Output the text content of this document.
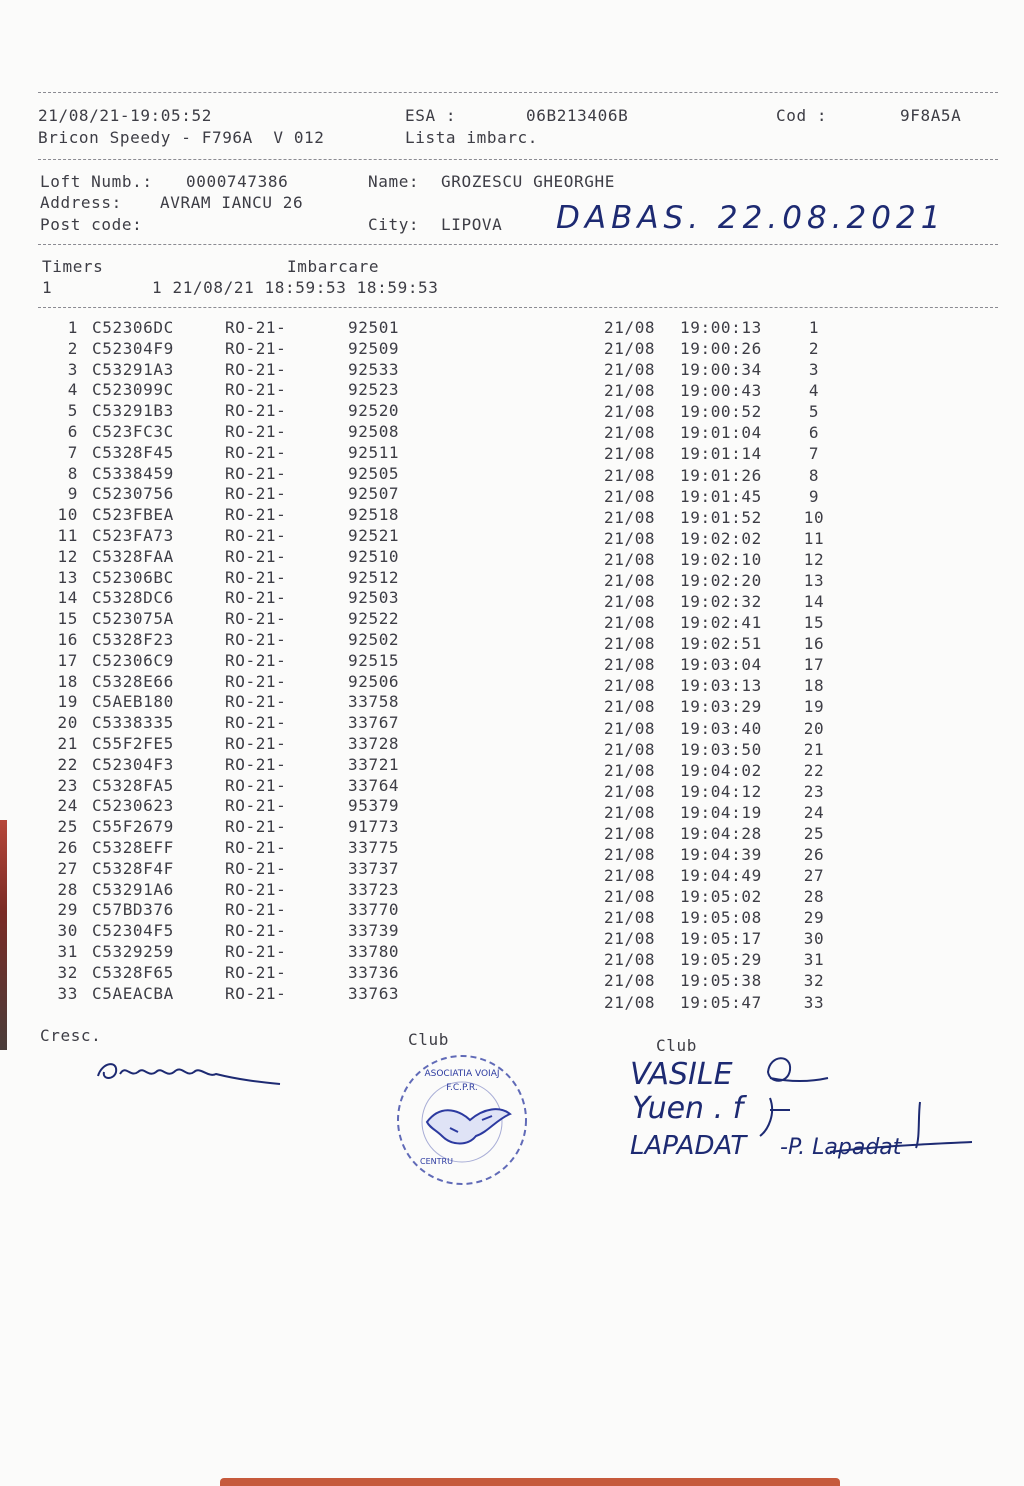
21/08/21-19:05:52	ESA :	06B213406B	Cod :	9F8A5A
Bricon Speedy - F796A  V 012	Lista imbarc.
Loft Numb.: 0000747386	Name: GROZESCU GHEORGHE
Address: AVRAM IANCU 26
Post code:	City: LIPOVA DABAS. 22.08.2021
Timers	Imbarcare
1	1 21/08/21 18:59:53 18:59:53
1 C52306DC	RO-21-	92501	21/08 19:00:13	1
2 C52304F9	RO-21-	92509	21/08 19:00:26	2
3 C53291A3	RO-21-	92533	21/08 19:00:34	3
4 C523099C	RO-21-	92523	21/08 19:00:43	4
5 C53291B3	RO-21-	92520	21/08 19:00:52	5
6 C523FC3C	RO-21-	92508	21/08 19:01:04	6
7 C5328F45	RO-21-	92511	21/08 19:01:14	7
8 C5338459	RO-21-	92505	21/08 19:01:26	8
9 C5230756	RO-21-	92507	21/08 19:01:45	9
10 C523FBEA	RO-21-	92518	21/08 19:01:52	10
11 C523FA73	RO-21-	92521	21/08 19:02:02	11
12 C5328FAA	RO-21-	92510	21/08 19:02:10	12
13 C52306BC	RO-21-	92512	21/08 19:02:20	13
14 C5328DC6	RO-21-	92503	21/08 19:02:32	14
15 C523075A	RO-21-	92522	21/08 19:02:41	15
16 C5328F23	RO-21-	92502	21/08 19:02:51	16
17 C52306C9	RO-21-	92515	21/08 19:03:04	17
18 C5328E66	RO-21-	92506	21/08 19:03:13	18
19 C5AEB180	RO-21-	33758	21/08 19:03:29	19
20 C5338335	RO-21-	33767	21/08 19:03:40	20
21 C55F2FE5	RO-21-	33728	21/08 19:03:50	21
22 C52304F3	RO-21-	33721	21/08 19:04:02	22
23 C5328FA5	RO-21-	33764	21/08 19:04:12	23
24 C5230623	RO-21-	95379	21/08 19:04:19	24
25 C55F2679	RO-21-	91773	21/08 19:04:28	25
26 C5328EFF	RO-21-	33775	21/08 19:04:39	26
27 C5328F4F	RO-21-	33737	21/08 19:04:49	27
28 C53291A6	RO-21-	33723	21/08 19:05:02	28
29 C57BD376	RO-21-	33770	21/08 19:05:08	29
30 C52304F5	RO-21-	33739	21/08 19:05:17	30
31 C5329259	RO-21-	33780	21/08 19:05:29	31
32 C5328F65	RO-21-	33736	21/08 19:05:38	32
33 C5AEACBA	RO-21-	33763	21/08 19:05:47	33
Cresc.	Club	Club
ASOCIATIA VOIAJ
F.C.P.R.
CENTRU
VASILE
Yuen . f
LAPADAT -P. Lapadat
